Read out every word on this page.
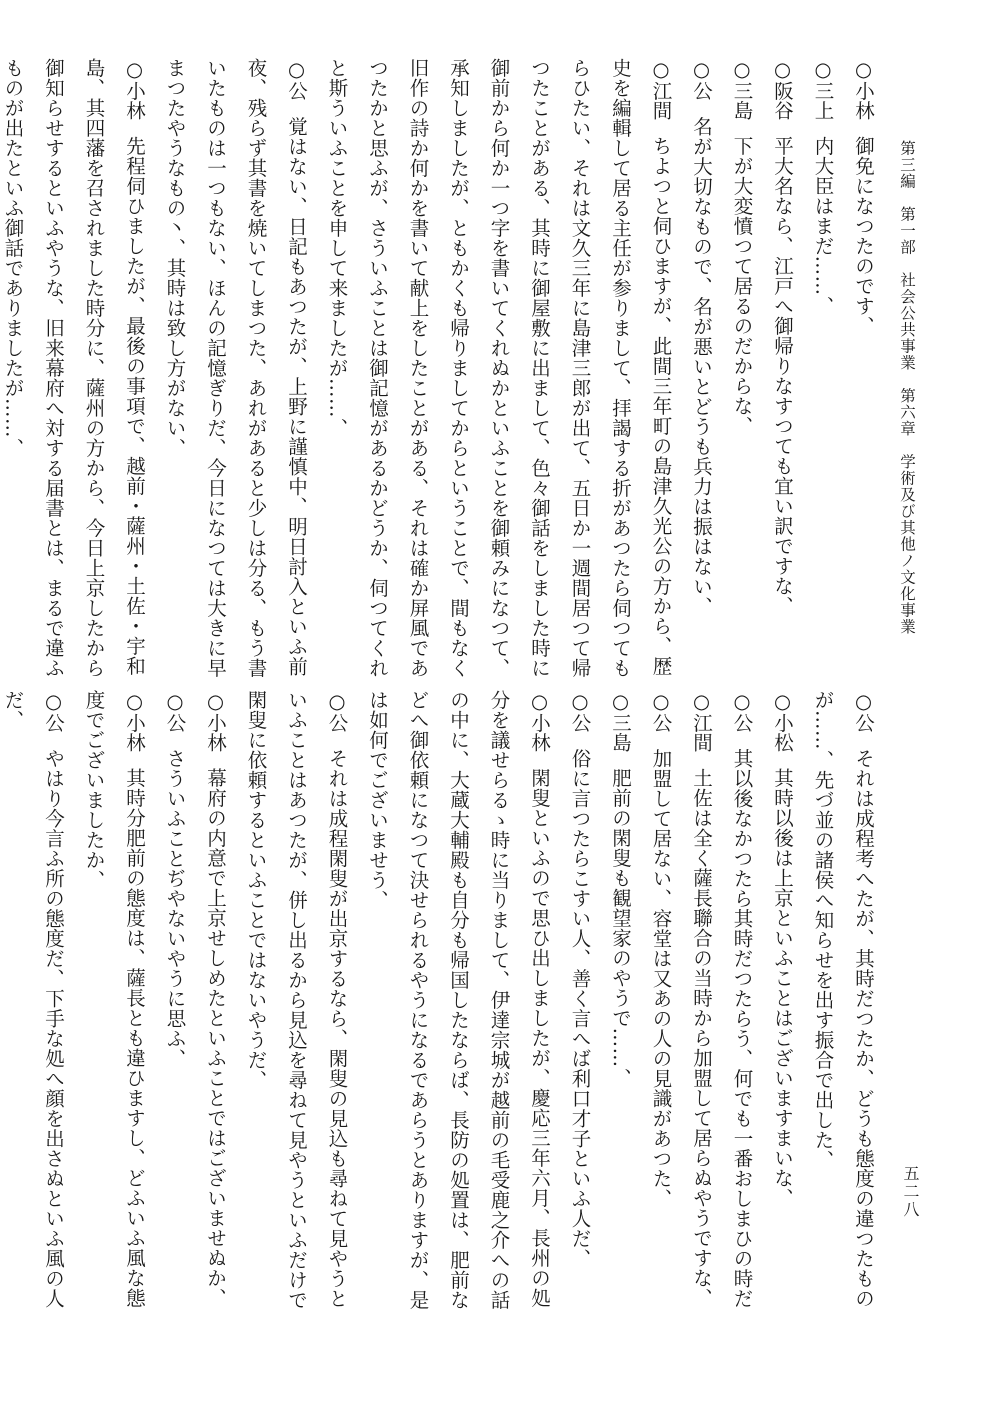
第三編　第一部　社会公共事業　第六章　学術及び其他ノ文化事業
五二八
○小林御免になつたのです、
○三上内大臣はまだ……、
○阪谷平大名なら、江戸へ御帰りなすつても宜い訳ですな、
○三島下が大変憤つて居るのだからな、
○公名が大切なもので、名が悪いとどうも兵力は振はない、
○江間ちよつと伺ひますが、此間三年町の島津久光公の方から、歴
史を編輯して居る主任が参りまして、拝謁する折があつたら伺つても
らひたい、それは文久三年に島津三郎が出て、五日か一週間居つて帰
つたことがある、其時に御屋敷に出まして、色々御話をしました時に
御前から何か一つ字を書いてくれぬかといふことを御頼みになつて、
承知しましたが、ともかくも帰りましてからということで、間もなく
旧作の詩か何かを書いて献上をしたことがある、それは確か屏風であ
つたかと思ふが、さういふことは御記憶があるかどうか、伺つてくれ
と斯ういふことを申して来ましたが……、
○公覚はない、日記もあつたが、上野に謹慎中、明日討入といふ前
夜、残らず其書を焼いてしまつた、あれがあると少しは分る、もう書
いたものは一つもない、ほんの記憶ぎりだ、今日になつては大きに早
まつたやうなもの丶、其時は致し方がない、
○小林先程伺ひましたが、最後の事項で、越前・薩州・土佐・宇和
島、其四藩を召されました時分に、薩州の方から、今日上京したから
御知らせするといふやうな、旧来幕府へ対する届書とは、まるで違ふ
ものが出たといふ御話でありましたが……、
○公それは成程考へたが、其時だつたか、どうも態度の違つたもの
が……、先づ並の諸侯へ知らせを出す振合で出した、
○小松其時以後は上京といふことはございますまいな、
○公其以後なかつたら其時だつたらう、何でも一番おしまひの時だ
○江間土佐は全く薩長聯合の当時から加盟して居らぬやうですな、
○公加盟して居ない、容堂は又あの人の見識があつた、
○三島肥前の閑叟も観望家のやうで……、
○公俗に言つたらこすい人、善く言へば利口才子といふ人だ、
○小林閑叟といふので思ひ出しましたが、慶応三年六月、長州の処
分を議せらるゝ時に当りまして、伊達宗城が越前の毛受鹿之介への話
の中に、大蔵大輔殿も自分も帰国したならば、長防の処置は、肥前な
どへ御依頼になつて決せられるやうになるであらうとありますが、是
は如何でございませう、
○公それは成程閑叟が出京するなら、閑叟の見込も尋ねて見やうと
いふことはあつたが、併し出るから見込を尋ねて見やうといふだけで
閑叟に依頼するといふことではないやうだ、
○小林幕府の内意で上京せしめたといふことではございませぬか、
○公さういふことぢやないやうに思ふ、
○小林其時分肥前の態度は、薩長とも違ひますし、どふいふ風な態
度でございましたか、
○公やはり今言ふ所の態度だ、下手な処へ顔を出さぬといふ風の人
だ、
